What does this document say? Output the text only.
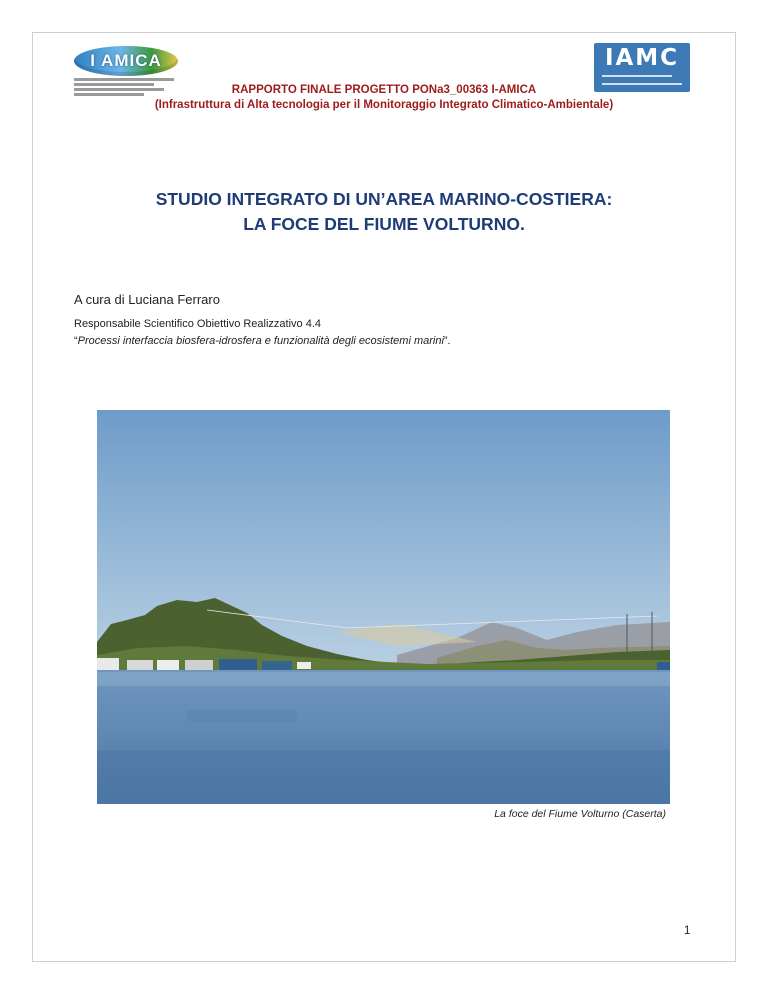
I AMICA	IAMC
RAPPORTO FINALE PROGETTO PONa3_00363 I-AMICA
(Infrastruttura di Alta tecnologia per il Monitoraggio Integrato Climatico-Ambientale)
STUDIO INTEGRATO DI UN’AREA MARINO-COSTIERA:
LA FOCE DEL FIUME VOLTURNO.
A cura di Luciana Ferraro
Responsabile Scientifico Obiettivo Realizzativo 4.4
“Processi interfaccia biosfera-idrosfera e funzionalità degli ecosistemi marini”.
La foce del Fiume Volturno (Caserta)
1
